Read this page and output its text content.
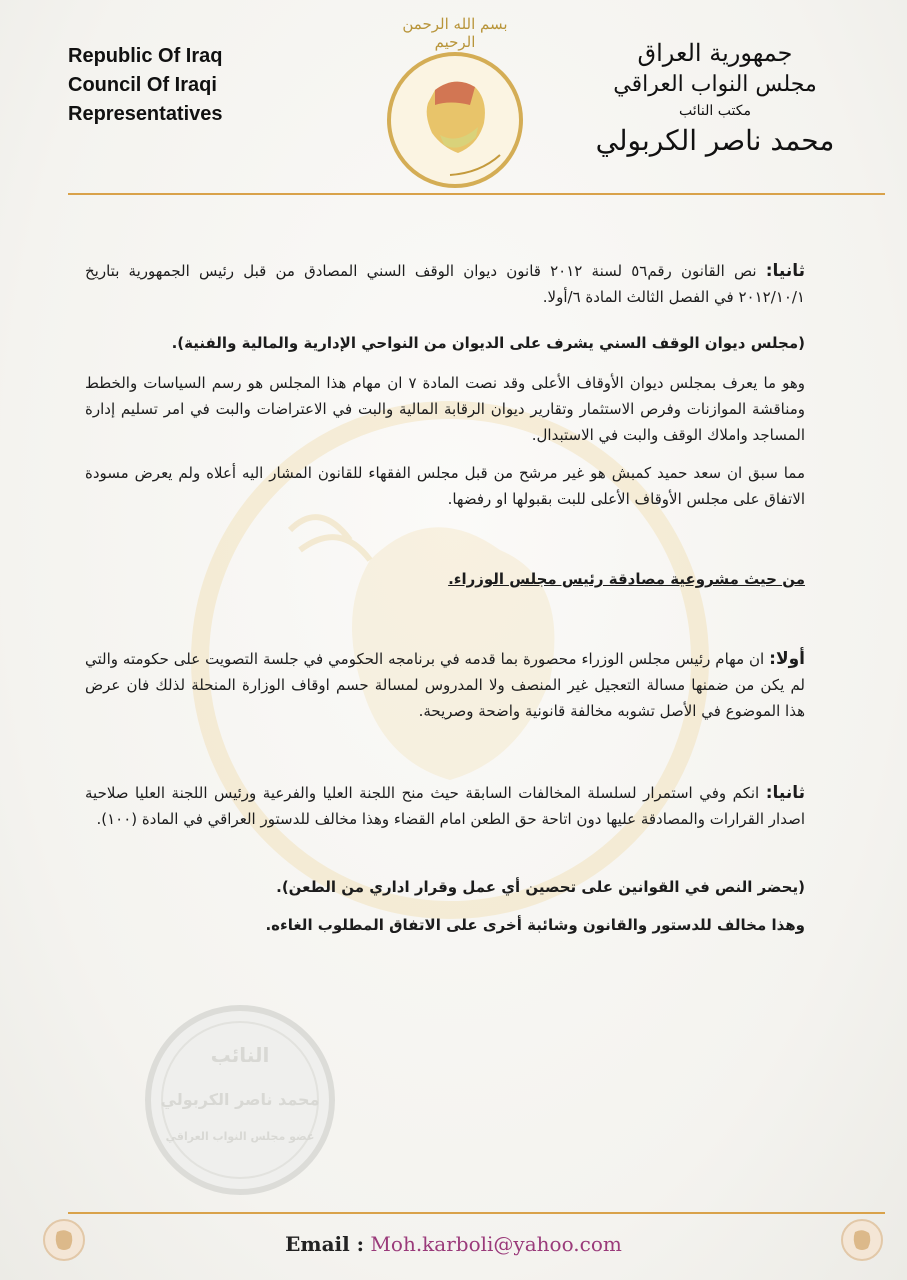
Republic Of Iraq
Council Of Iraqi
Representatives
بسم الله الرحمن الرحيم	جمهورية العراق
مجلس النواب العراقي
مكتب النائب
محمد ناصر الكربولي

ثانيا: نص القانون رقم٥٦ لسنة ٢٠١٢ قانون ديوان الوقف السني المصادق من قبل رئيس الجمهورية بتاريخ ٢٠١٢/١٠/١ في الفصل الثالث المادة ٦/أولا.

(مجلس ديوان الوقف السني يشرف على الديوان من النواحي الإدارية والمالية والفنية).

وهو ما يعرف بمجلس ديوان الأوقاف الأعلى وقد نصت المادة ٧ ان مهام هذا المجلس هو رسم السياسات والخطط ومناقشة الموازنات وفرص الاستثمار وتقارير ديوان الرقابة المالية والبت في الاعتراضات والبت في امر تسليم إدارة المساجد واملاك الوقف والبت في الاستبدال.

مما سبق ان سعد حميد كمبش هو غير مرشح من قبل مجلس الفقهاء للقانون المشار اليه أعلاه ولم يعرض مسودة الاتفاق على مجلس الأوقاف الأعلى للبت بقبولها او رفضها.

من حيث مشروعية مصادقة رئيس مجلس الوزراء.

أولا: ان مهام رئيس مجلس الوزراء محصورة بما قدمه في برنامجه الحكومي في جلسة التصويت على حكومته والتي لم يكن من ضمنها مسالة التعجيل غير المنصف ولا المدروس لمسالة حسم اوقاف الوزارة المنحلة لذلك فان عرض هذا الموضوع في الأصل تشوبه مخالفة قانونية واضحة وصريحة.

ثانيا: انكم وفي استمرار لسلسلة المخالفات السابقة حيث منح اللجنة العليا والفرعية ورئيس اللجنة العليا صلاحية اصدار القرارات والمصادقة عليها دون اتاحة حق الطعن امام القضاء وهذا مخالف للدستور العراقي في المادة (١٠٠).

(يحضر النص في القوانين على تحصين أي عمل وقرار اداري من الطعن).

وهذا مخالف للدستور والقانون وشائبة أخرى على الاتفاق المطلوب الغاءه.

النائب
محمد ناصر الكربولي
عضو مجلس النواب العراقي
Email : Moh.karboli@yahoo.com
